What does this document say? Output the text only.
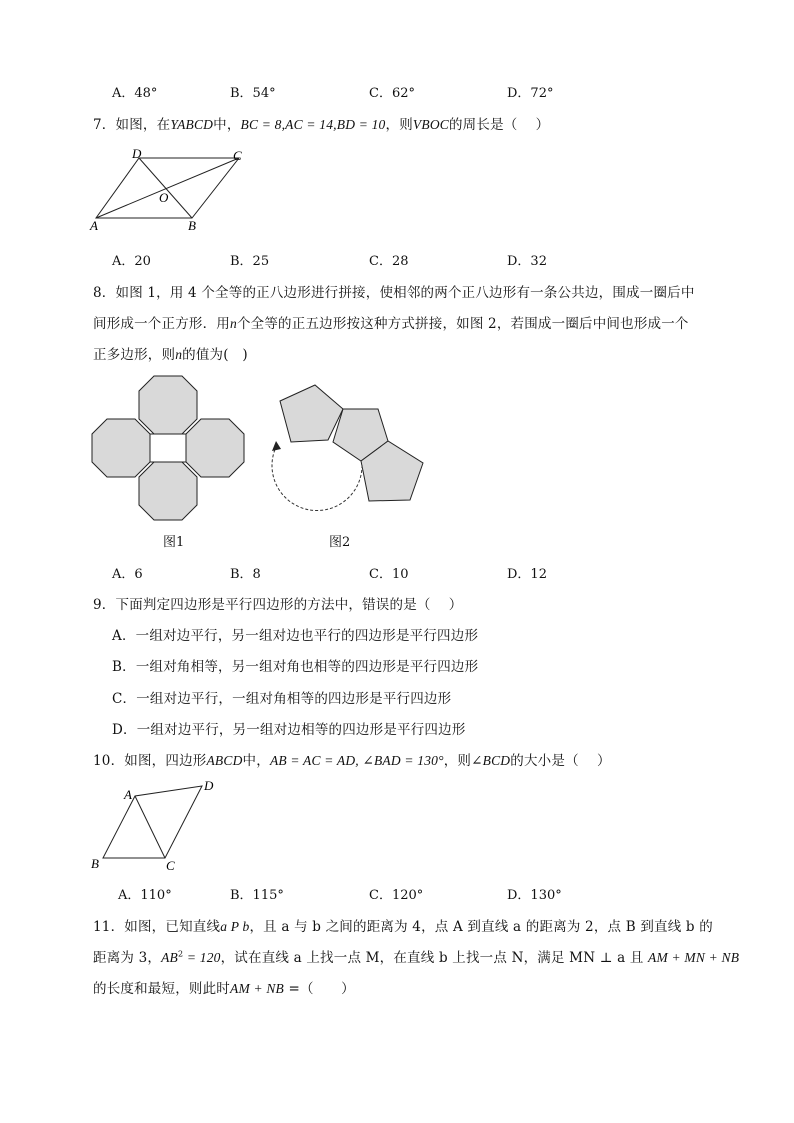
A．48°	B．54°	C．62°	D．72°
7．如图，在YABCD中，BC = 8,AC = 14,BD = 10，则VBOC的周长是（　 ）
D	C
O
A	B
A．20	B．25	C．28	D．32
8．如图 1，用 4 个全等的正八边形进行拼接，使相邻的两个正八边形有一条公共边，围成一圈后中
间形成一个正方形．用n个全等的正五边形按这种方式拼接，如图 2，若围成一圈后中间也形成一个
正多边形，则n的值为(　)
图1	图2
A．6	B．8	C．10	D．12
9．下面判定四边形是平行四边形的方法中，错误的是（　 ）
A．一组对边平行，另一组对边也平行的四边形是平行四边形
B．一组对角相等，另一组对角也相等的四边形是平行四边形
C．一组对边平行，一组对角相等的四边形是平行四边形
D．一组对边平行，另一组对边相等的四边形是平行四边形
10．如图，四边形ABCD中，AB = AC = AD, ∠BAD = 130°，则∠BCD的大小是（　 ）
A
D
B	C
A．110°	B．115°	C．120°	D．130°
11．如图，已知直线a P b，且 a 与 b 之间的距离为 4，点 A 到直线 a 的距离为 2，点 B 到直线 b 的
距离为 3，$AB^2 = 120$，试在直线 a 上找一点 M，在直线 b 上找一点 N，满足 MN ⊥ a 且 AM + MN + NB
的长度和最短，则此时AM + NB =（　　）
